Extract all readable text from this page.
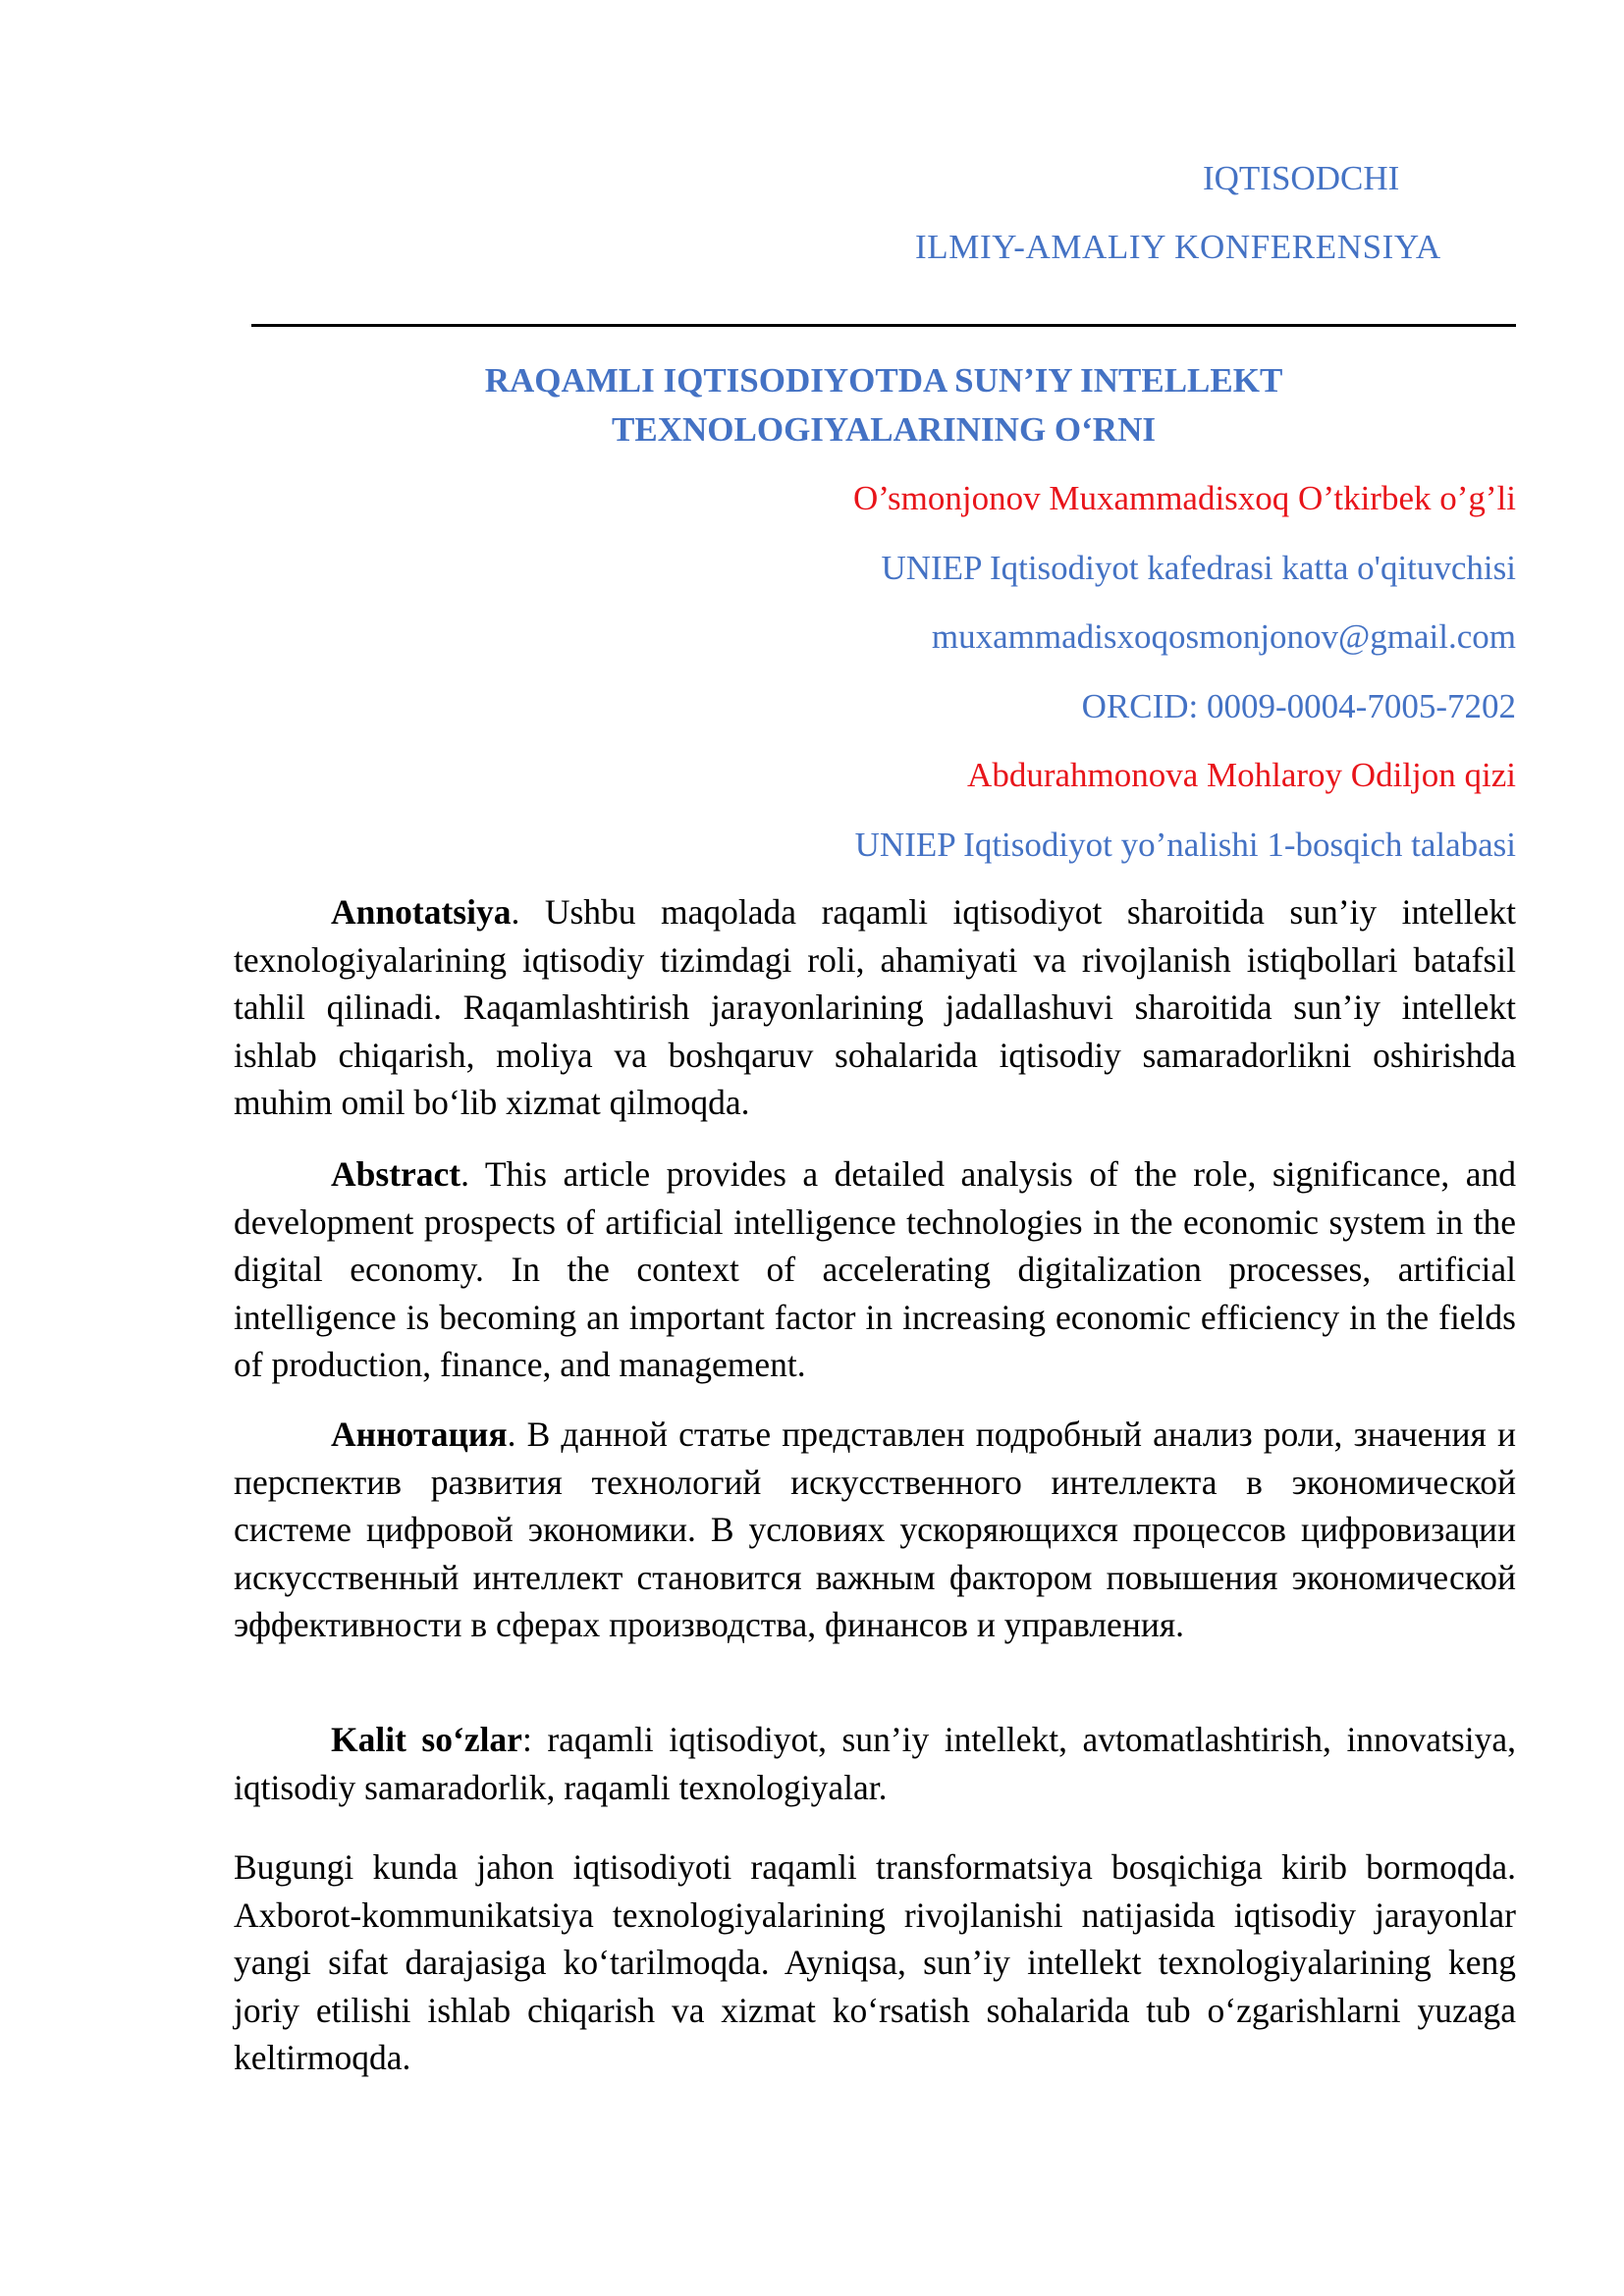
IQTISODCHI
ILMIY-AMALIY KONFERENSIYA
RAQAMLI IQTISODIYOTDA SUN’IY INTELLEKT
TEXNOLOGIYALARINING O‘RNI
O’smonjonov Muxammadisxoq O’tkirbek o’g’li
UNIEP Iqtisodiyot kafedrasi katta o'qituvchisi
muxammadisxoqosmonjonov@gmail.com
ORCID: 0009-0004-7005-7202
Abdurahmonova Mohlaroy Odiljon qizi
UNIEP Iqtisodiyot yo’nalishi 1-bosqich talabasi

Annotatsiya. Ushbu maqolada raqamli iqtisodiyot sharoitida sun’iy intellekt texnologiyalarining iqtisodiy tizimdagi roli, ahamiyati va rivojlanish istiqbollari batafsil tahlil qilinadi. Raqamlashtirish jarayonlarining jadallashuvi sharoitida sun’iy intellekt ishlab chiqarish, moliya va boshqaruv sohalarida iqtisodiy samaradorlikni oshirishda muhim omil bo‘lib xizmat qilmoqda.

Abstract. This article provides a detailed analysis of the role, significance, and development prospects of artificial intelligence technologies in the economic system in the digital economy. In the context of accelerating digitalization processes, artificial intelligence is becoming an important factor in increasing economic efficiency in the fields of production, finance, and management.

Аннотация. В данной статье представлен подробный анализ роли, значения и перспектив развития технологий искусственного интеллекта в экономической системе цифровой экономики. В условиях ускоряющихся процессов цифровизации искусственный интеллект становится важным фактором повышения экономической эффективности в сферах производства, финансов и управления.

Kalit so‘zlar: raqamli iqtisodiyot, sun’iy intellekt, avtomatlashtirish, innovatsiya, iqtisodiy samaradorlik, raqamli texnologiyalar.

Bugungi kunda jahon iqtisodiyoti raqamli transformatsiya bosqichiga kirib bormoqda. Axborot-kommunikatsiya texnologiyalarining rivojlanishi natijasida iqtisodiy jarayonlar yangi sifat darajasiga ko‘tarilmoqda. Ayniqsa, sun’iy intellekt texnologiyalarining keng joriy etilishi ishlab chiqarish va xizmat ko‘rsatish sohalarida tub o‘zgarishlarni yuzaga keltirmoqda.
